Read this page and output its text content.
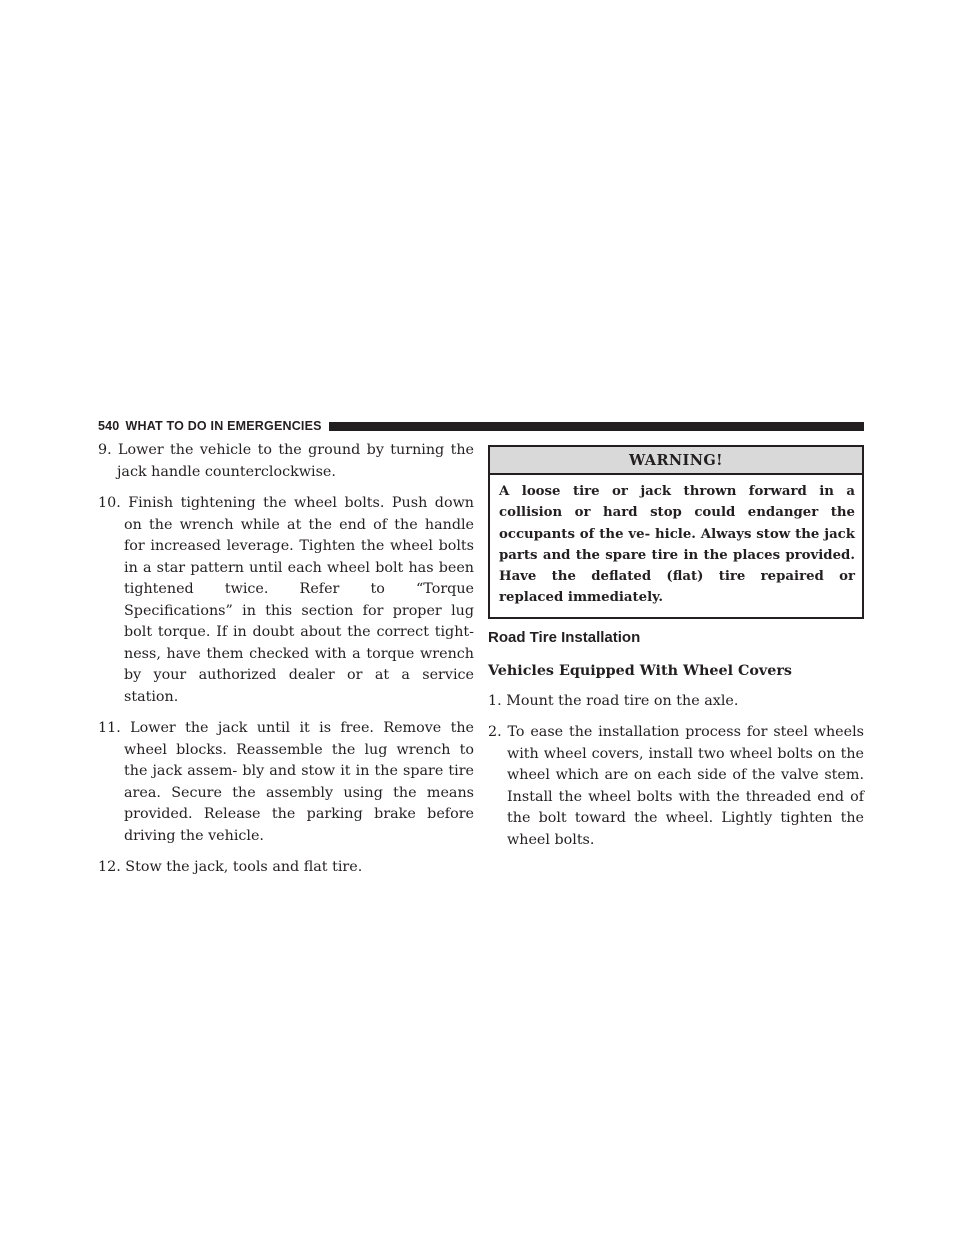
540 WHAT TO DO IN EMERGENCIES
9. Lower the vehicle to the ground by turning the jack handle counterclockwise.
10. Finish tightening the wheel bolts. Push down on the wrench while at the end of the handle for increased leverage. Tighten the wheel bolts in a star pattern until each wheel bolt has been tightened twice. Refer to “Torque Specifications” in this section for proper lug bolt torque. If in doubt about the correct tight- ness, have them checked with a torque wrench by your authorized dealer or at a service station.
11. Lower the jack until it is free. Remove the wheel blocks. Reassemble the lug wrench to the jack assem- bly and stow it in the spare tire area. Secure the assembly using the means provided. Release the parking brake before driving the vehicle.
12. Stow the jack, tools and flat tire.
WARNING!
A loose tire or jack thrown forward in a collision or hard stop could endanger the occupants of the ve- hicle. Always stow the jack parts and the spare tire in the places provided. Have the deflated (flat) tire repaired or replaced immediately.
Road Tire Installation
Vehicles Equipped With Wheel Covers
1. Mount the road tire on the axle.
2. To ease the installation process for steel wheels with wheel covers, install two wheel bolts on the wheel which are on each side of the valve stem. Install the wheel bolts with the threaded end of the bolt toward the wheel. Lightly tighten the wheel bolts.
